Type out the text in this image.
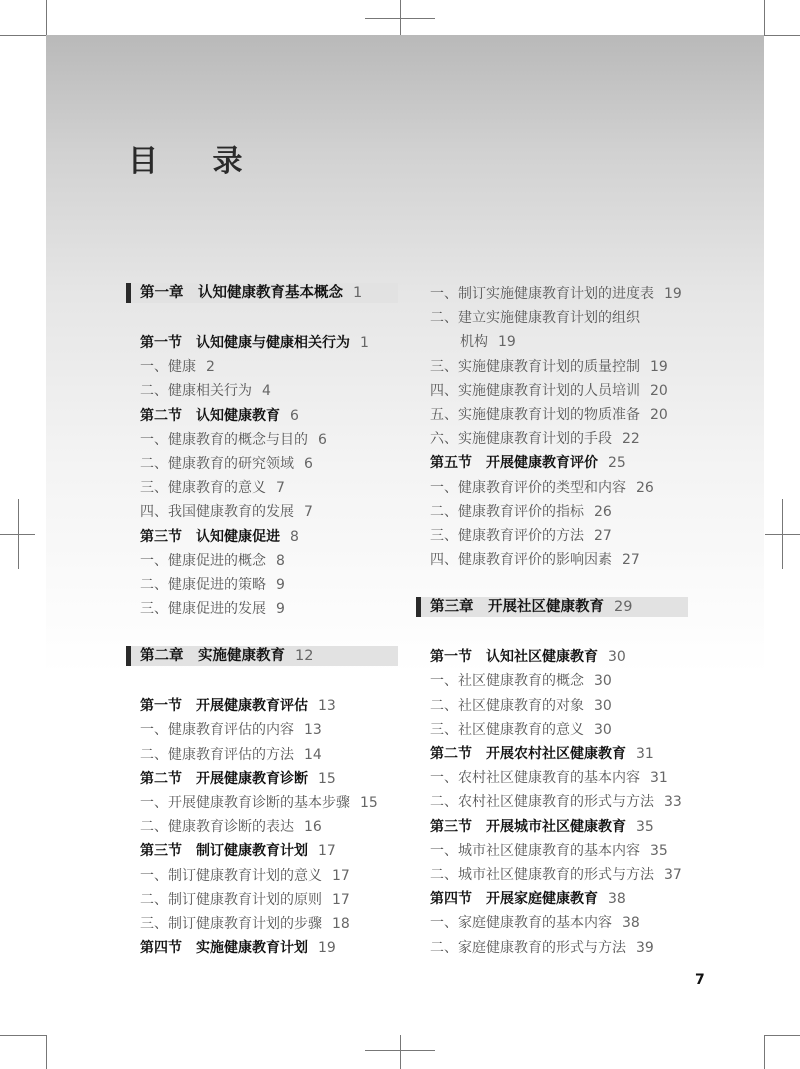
目 录
第一章　认知健康教育基本概念 1
第一节　认知健康与健康相关行为 1
一、健康 2
二、健康相关行为 4
第二节　认知健康教育 6
一、健康教育的概念与目的 6
二、健康教育的研究领域 6
三、健康教育的意义 7
四、我国健康教育的发展 7
第三节　认知健康促进 8
一、健康促进的概念 8
二、健康促进的策略 9
三、健康促进的发展 9
第二章　实施健康教育 12
第一节　开展健康教育评估 13
一、健康教育评估的内容 13
二、健康教育评估的方法 14
第二节　开展健康教育诊断 15
一、开展健康教育诊断的基本步骤 15
二、健康教育诊断的表达 16
第三节　制订健康教育计划 17
一、制订健康教育计划的意义 17
二、制订健康教育计划的原则 17
三、制订健康教育计划的步骤 18
第四节　实施健康教育计划 19
一、制订实施健康教育计划的进度表 19
二、建立实施健康教育计划的组织
机构 19
三、实施健康教育计划的质量控制 19
四、实施健康教育计划的人员培训 20
五、实施健康教育计划的物质准备 20
六、实施健康教育计划的手段 22
第五节　开展健康教育评价 25
一、健康教育评价的类型和内容 26
二、健康教育评价的指标 26
三、健康教育评价的方法 27
四、健康教育评价的影响因素 27
第三章　开展社区健康教育 29
第一节　认知社区健康教育 30
一、社区健康教育的概念 30
二、社区健康教育的对象 30
三、社区健康教育的意义 30
第二节　开展农村社区健康教育 31
一、农村社区健康教育的基本内容 31
二、农村社区健康教育的形式与方法 33
第三节　开展城市社区健康教育 35
一、城市社区健康教育的基本内容 35
二、城市社区健康教育的形式与方法 37
第四节　开展家庭健康教育 38
一、家庭健康教育的基本内容 38
二、家庭健康教育的形式与方法 39
7
